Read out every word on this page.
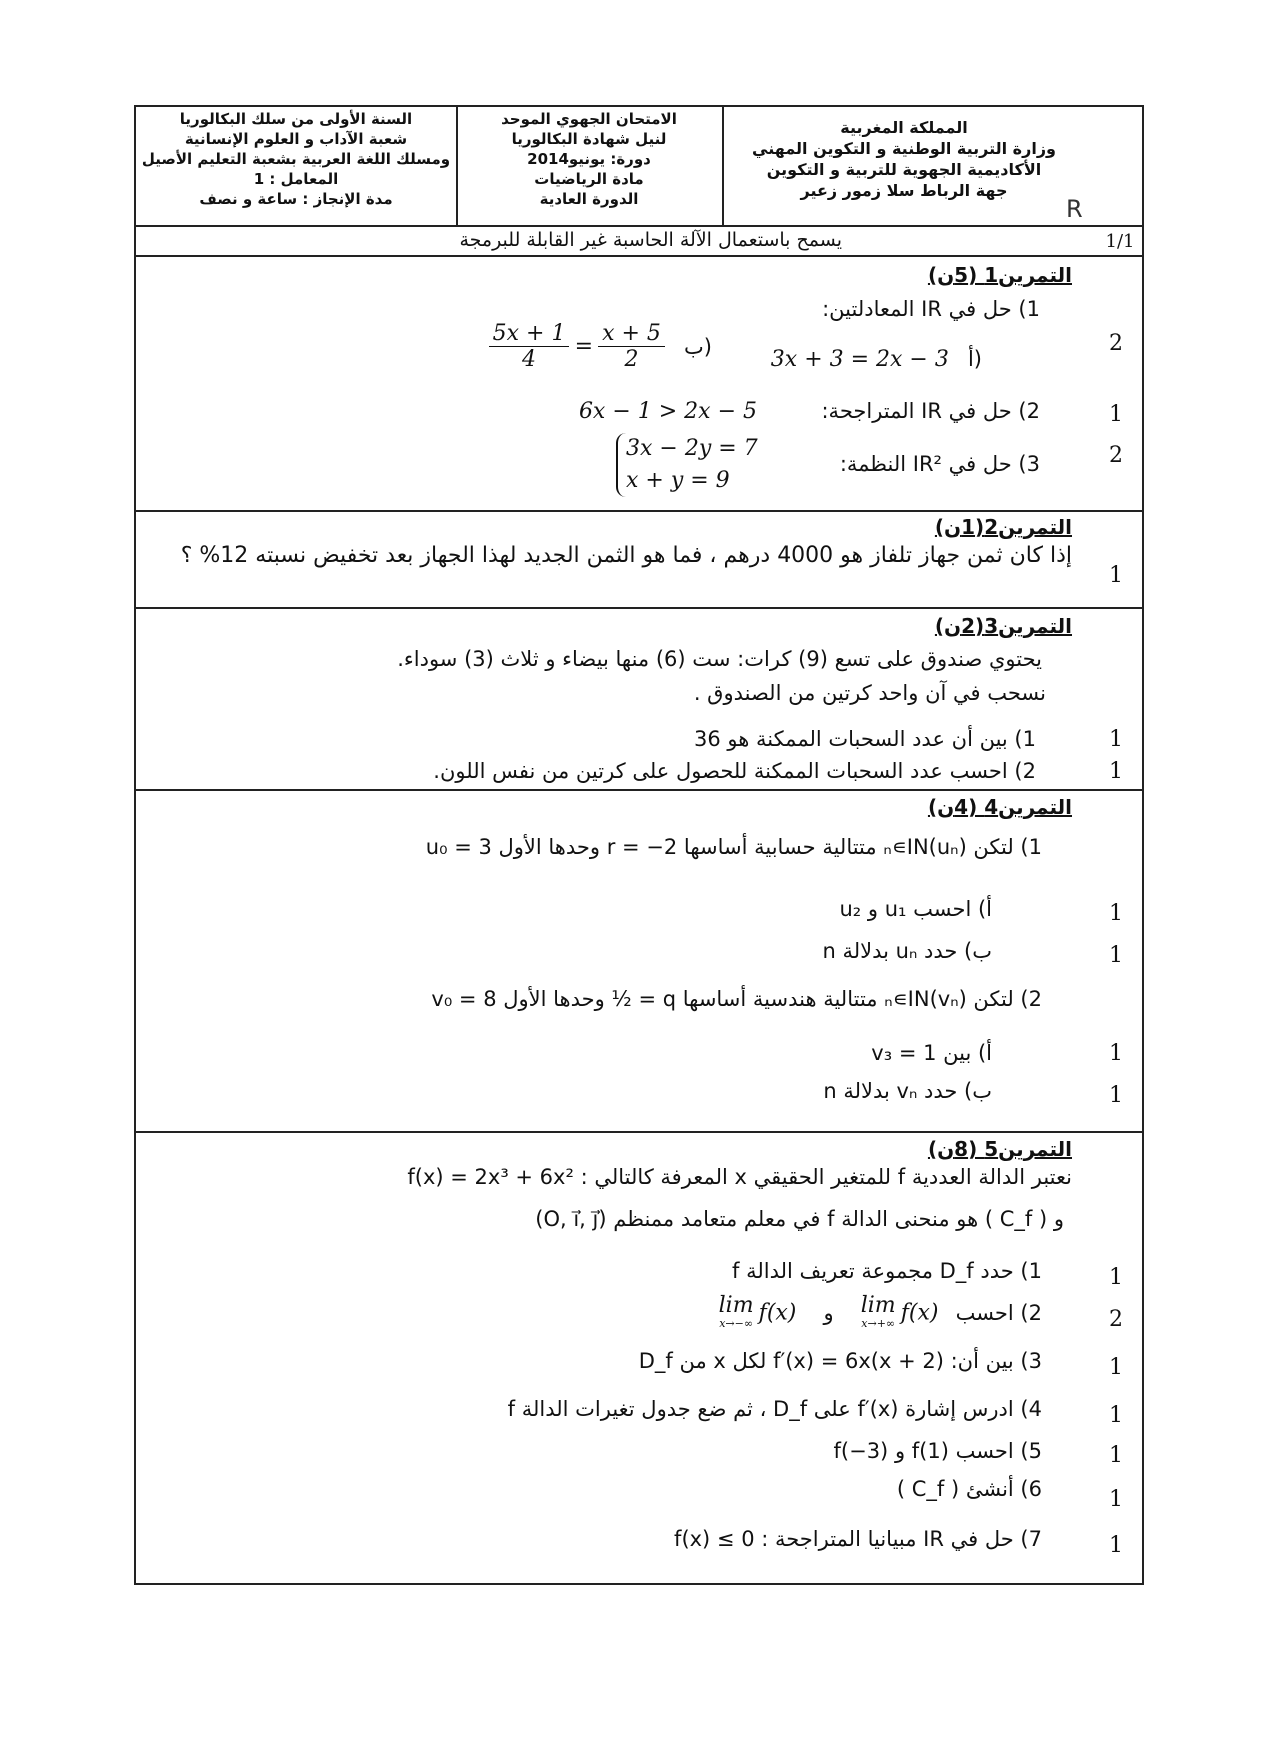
السنة الأولى من سلك البكالوريا
شعبة الآداب و العلوم الإنسانية
ومسلك اللغة العربية بشعبة التعليم الأصيل
المعامل : 1
مدة الإنجاز : ساعة و نصف
الامتحان الجهوي الموحد
لنيل شهادة البكالوريا
دورة: يونيو2014
مادة الرياضيات
الدورة العادية
المملكة المغربية
وزارة التربية الوطنية و التكوين المهني
الأكاديمية الجهوية للتربية و التكوين
جهة الرباط سلا زمور زعير
R
1/1
يسمح باستعمال الآلة الحاسبة غير القابلة للبرمجة
التمرين1 (5ن)
1) حل في IR المعادلتين:
3x + 3 = 2x − 3 أ)
$\frac{5x + 1}{4} = \frac{x + 5}{2}$ ب)
2) حل في IR المتراجحة:
6x − 1 > 2x − 5
3) حل في IR² النظمة:
3x − 2y = 7
x + y = 9
2
1
2
التمرين2(1ن)
إذا كان ثمن جهاز تلفاز هو 4000 درهم ، فما هو الثمن الجديد لهذا الجهاز بعد تخفيض نسبته 12% ؟
1
التمرين3(2ن)
يحتوي صندوق على تسع (9) كرات: ست (6) منها بيضاء و ثلاث (3) سوداء.
نسحب في آن واحد كرتين من الصندوق .
1) بين أن عدد السحبات الممكنة هو 36
2) احسب عدد السحبات الممكنة للحصول على كرتين من نفس اللون.
1
1
التمرين4 (4ن)
1) لتكن (uₙ)ₙ∊IN متتالية حسابية أساسها r = −2 وحدها الأول u₀ = 3
أ) احسب u₁ و u₂
ب) حدد uₙ بدلالة n
2) لتكن (vₙ)ₙ∊IN متتالية هندسية أساسها q = ½ وحدها الأول v₀ = 8
أ) بين v₃ = 1
ب) حدد vₙ بدلالة n
1
1
1
1
التمرين5 (8ن)
نعتبر الدالة العددية f للمتغير الحقيقي x المعرفة كالتالي : f(x) = 2x³ + 6x²
و ( C_f ) هو منحنى الدالة f في معلم متعامد ممنظم (O, i⃗, j⃗)
1) حدد D_f مجموعة تعريف الدالة f
lim
x→−∞ f(x) و lim
x→+∞ f(x) 2) احسب
3) بين أن: f′(x) = 6x(x + 2) لكل x من D_f
4) ادرس إشارة (x)′f على D_f ، ثم ضع جدول تغيرات الدالة f
5) احسب f(1) و f(−3)
6) أنشئ ( C_f )
7) حل في IR مبيانيا المتراجحة : f(x) ≤ 0
1
2
1
1
1
1
1
